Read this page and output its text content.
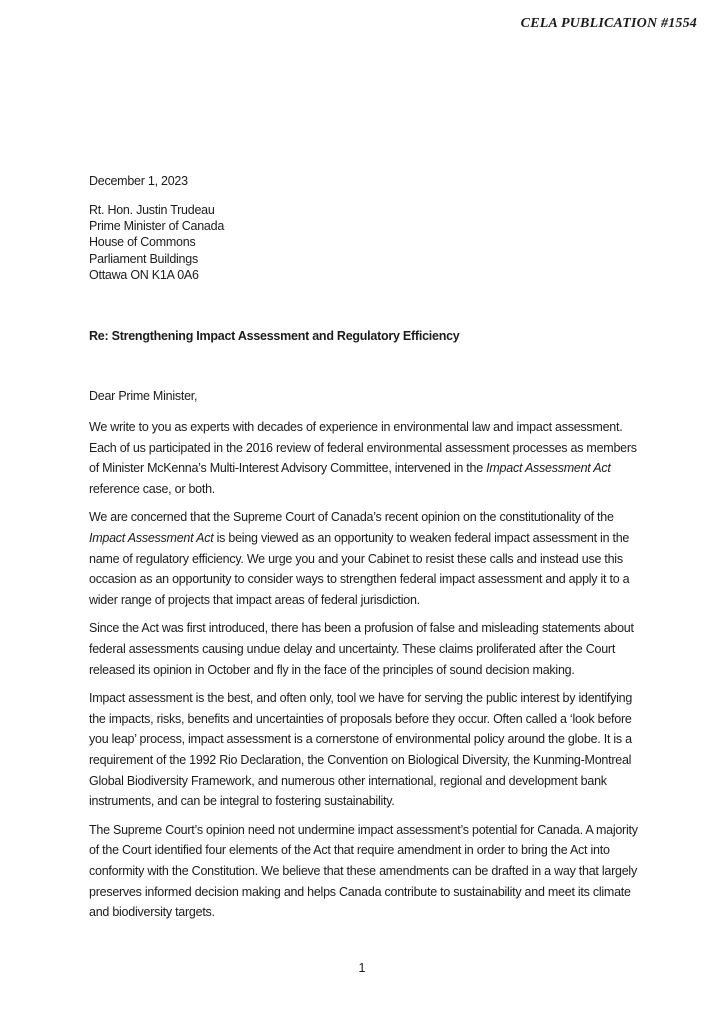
CELA PUBLICATION #1554
December 1, 2023
Rt. Hon. Justin Trudeau
Prime Minister of Canada
House of Commons
Parliament Buildings
Ottawa ON K1A 0A6
Re: Strengthening Impact Assessment and Regulatory Efficiency
Dear Prime Minister,

We write to you as experts with decades of experience in environmental law and impact assessment. Each of us participated in the 2016 review of federal environmental assessment processes as members of Minister McKenna’s Multi-Interest Advisory Committee, intervened in the Impact Assessment Act reference case, or both.

We are concerned that the Supreme Court of Canada’s recent opinion on the constitutionality of the Impact Assessment Act is being viewed as an opportunity to weaken federal impact assessment in the name of regulatory efficiency. We urge you and your Cabinet to resist these calls and instead use this occasion as an opportunity to consider ways to strengthen federal impact assessment and apply it to a wider range of projects that impact areas of federal jurisdiction.

Since the Act was first introduced, there has been a profusion of false and misleading statements about federal assessments causing undue delay and uncertainty. These claims proliferated after the Court released its opinion in October and fly in the face of the principles of sound decision making.

Impact assessment is the best, and often only, tool we have for serving the public interest by identifying the impacts, risks, benefits and uncertainties of proposals before they occur. Often called a ‘look before you leap’ process, impact assessment is a cornerstone of environmental policy around the globe. It is a requirement of the 1992 Rio Declaration, the Convention on Biological Diversity, the Kunming-Montreal Global Biodiversity Framework, and numerous other international, regional and development bank instruments, and can be integral to fostering sustainability.

The Supreme Court’s opinion need not undermine impact assessment’s potential for Canada. A majority of the Court identified four elements of the Act that require amendment in order to bring the Act into conformity with the Constitution. We believe that these amendments can be drafted in a way that largely preserves informed decision making and helps Canada contribute to sustainability and meet its climate and biodiversity targets.

1
